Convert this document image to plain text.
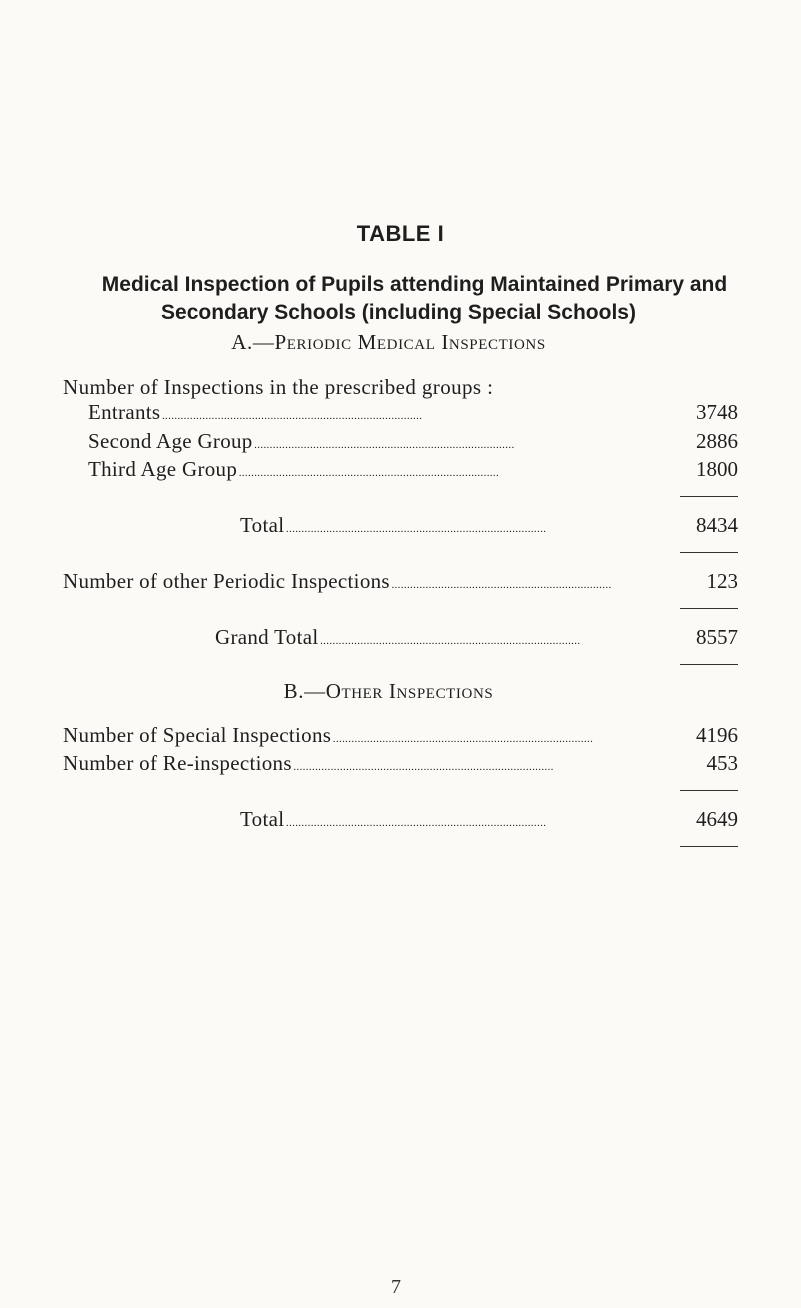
TABLE I
Medical Inspection of Pupils attending Maintained Primary and
Secondary Schools (including Special Schools)
A.—Periodic Medical Inspections
Number of Inspections in the prescribed groups :
Entrants . . .	3748
Second Age Group . . .	2886
Third Age Group . . .	1800
Total . . .	8434
Number of other Periodic Inspections . . .	123
Grand Total . . .	8557
B.—Other Inspections
Number of Special Inspections . . .	4196
Number of Re-inspections . . .	453
Total . . .	4649
7
